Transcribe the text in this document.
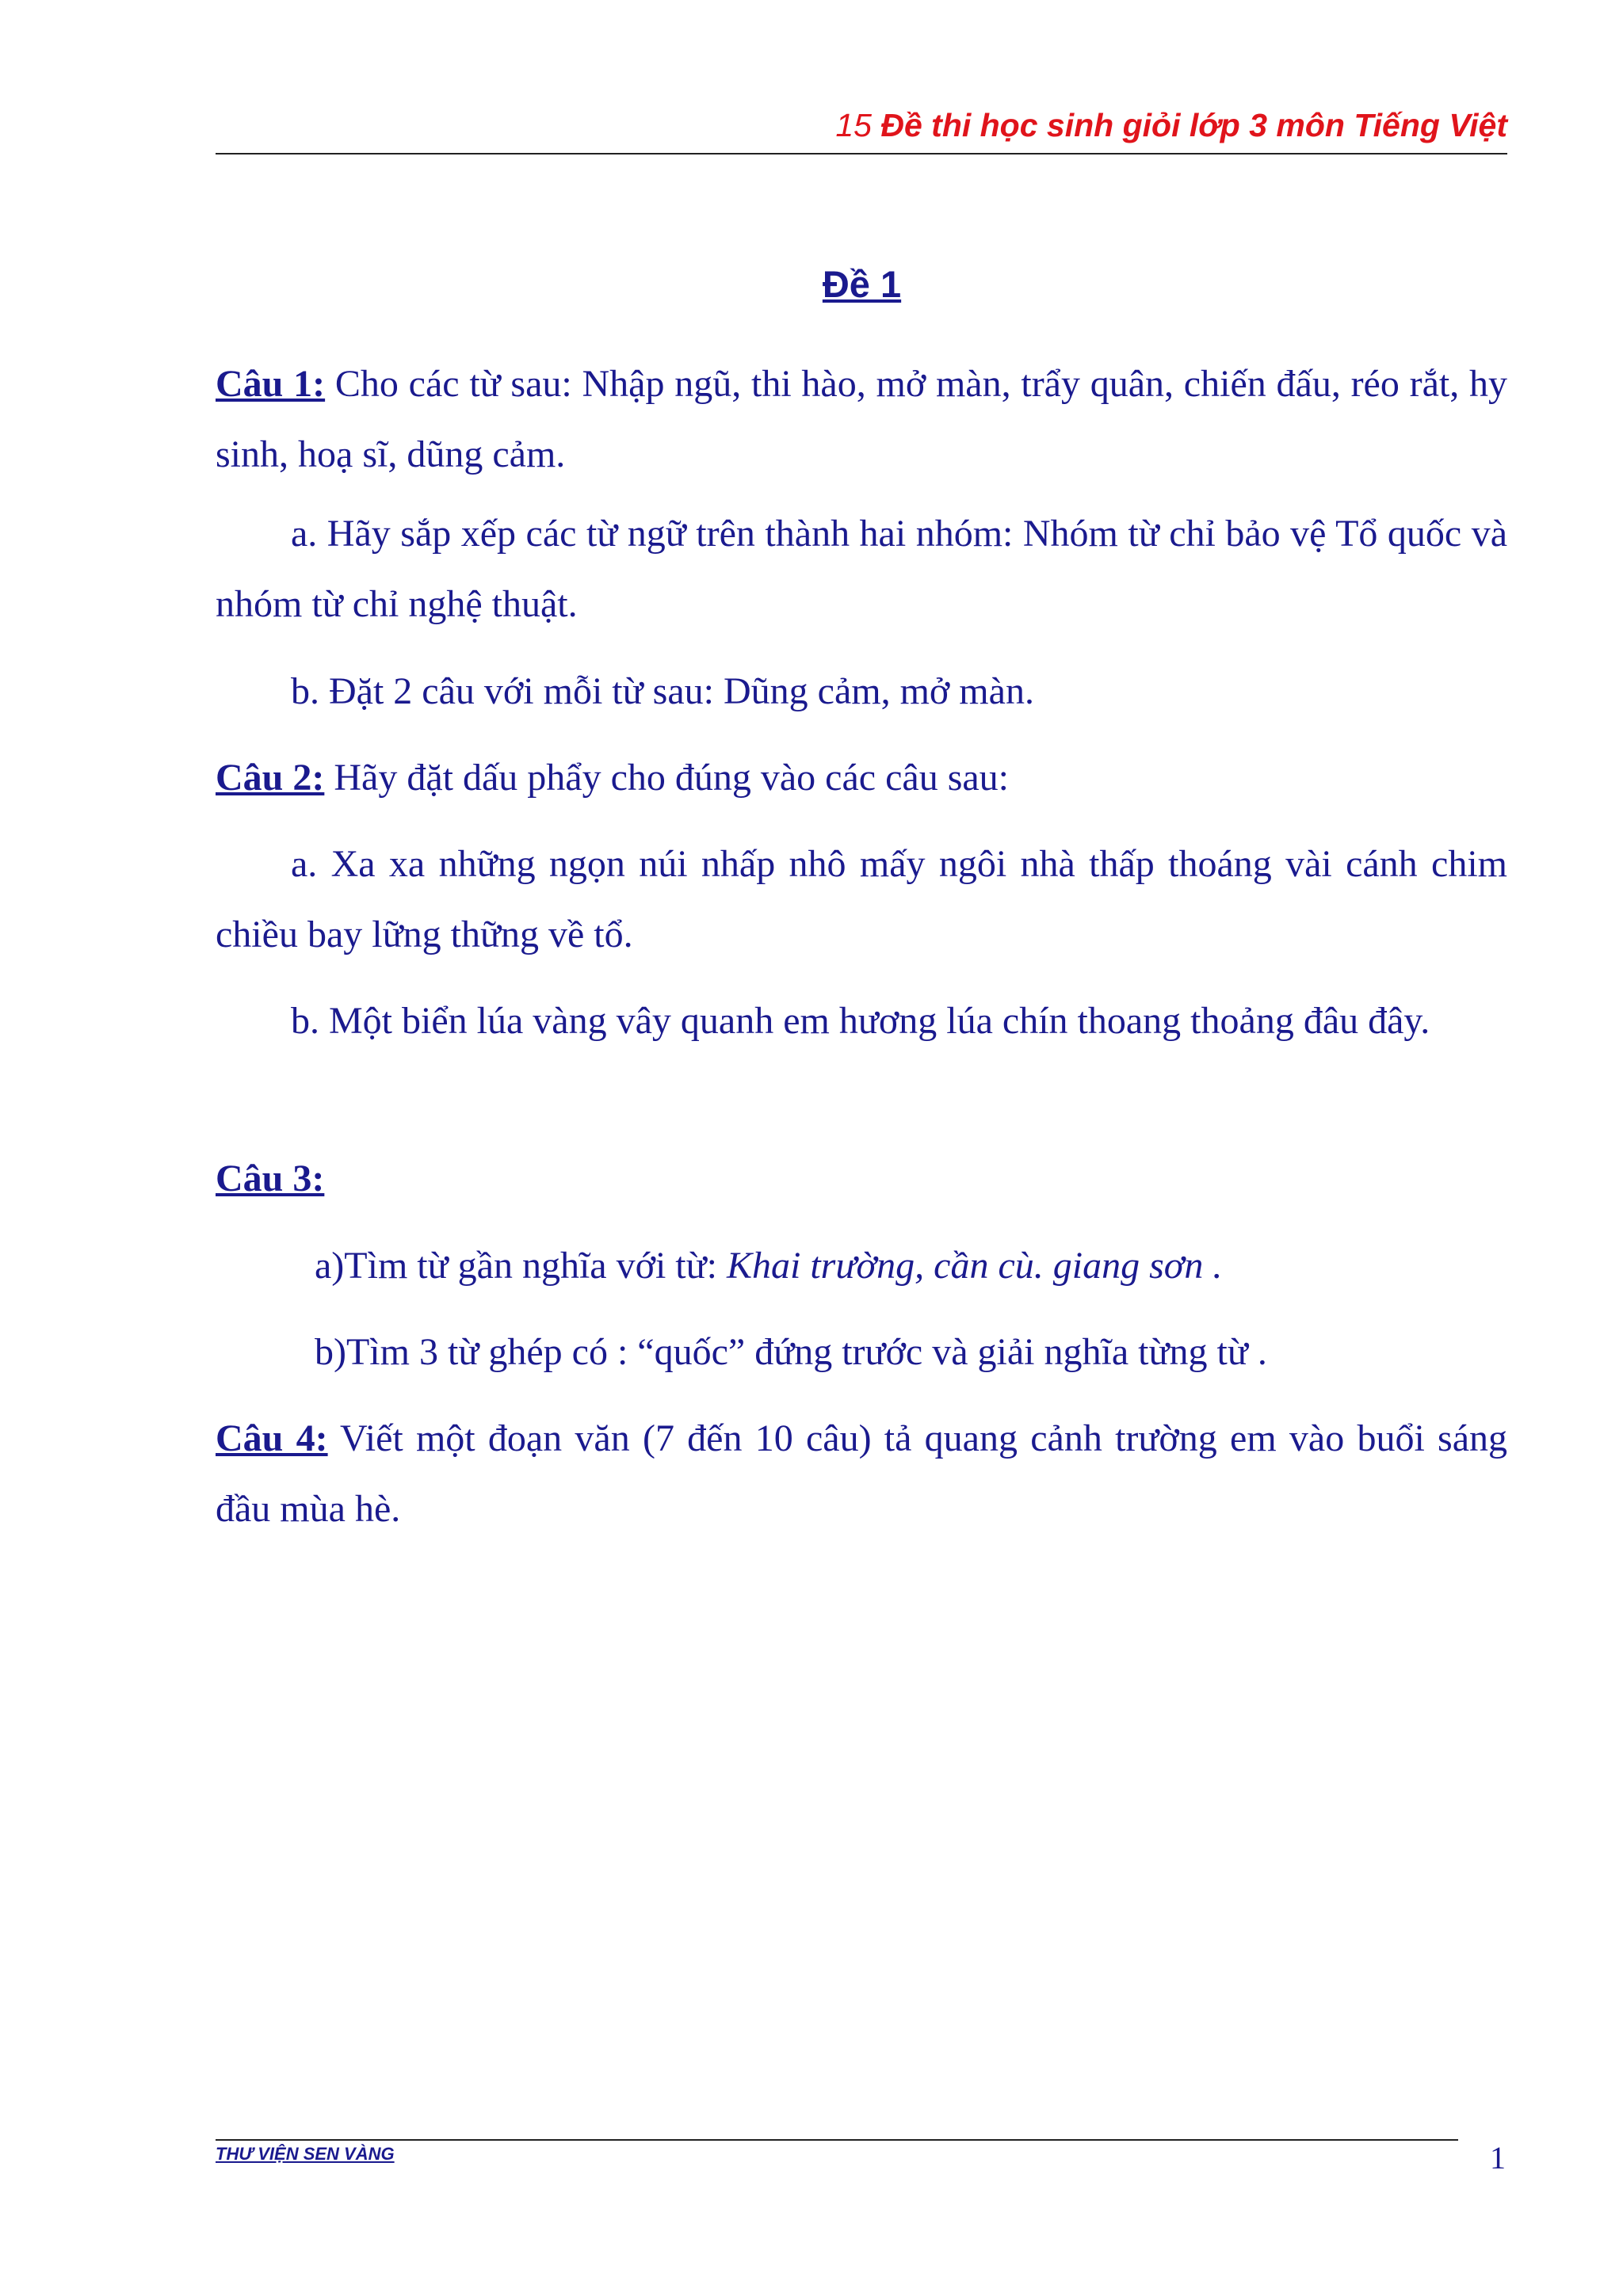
15 Đề thi học sinh giỏi lớp 3 môn Tiếng Việt
Đề 1

Câu 1: Cho các từ sau: Nhập ngũ, thi hào, mở màn, trẩy quân, chiến đấu, réo rắt, hy sinh, hoạ sĩ, dũng cảm.

a. Hãy sắp xếp các từ ngữ trên thành hai nhóm: Nhóm từ chỉ bảo vệ Tổ quốc và nhóm từ chỉ nghệ thuật.

b. Đặt 2 câu với mỗi từ sau: Dũng cảm, mở màn.

Câu 2: Hãy đặt dấu phẩy cho đúng vào các câu sau:

a. Xa xa những ngọn núi nhấp nhô mấy ngôi nhà thấp thoáng vài cánh chim chiều bay lững thững về tổ.

b. Một biển lúa vàng vây quanh em hương lúa chín thoang thoảng đâu đây.

Câu 3:

a)Tìm từ gần nghĩa với từ: Khai trường, cần cù. giang sơn .

b)Tìm 3 từ ghép có : “quốc” đứng trước và giải nghĩa từng từ .

Câu 4: Viết một đoạn văn (7 đến 10 câu) tả quang cảnh trường em vào buổi sáng đầu mùa hè.

THƯ VIỆN SEN VÀNG	1
